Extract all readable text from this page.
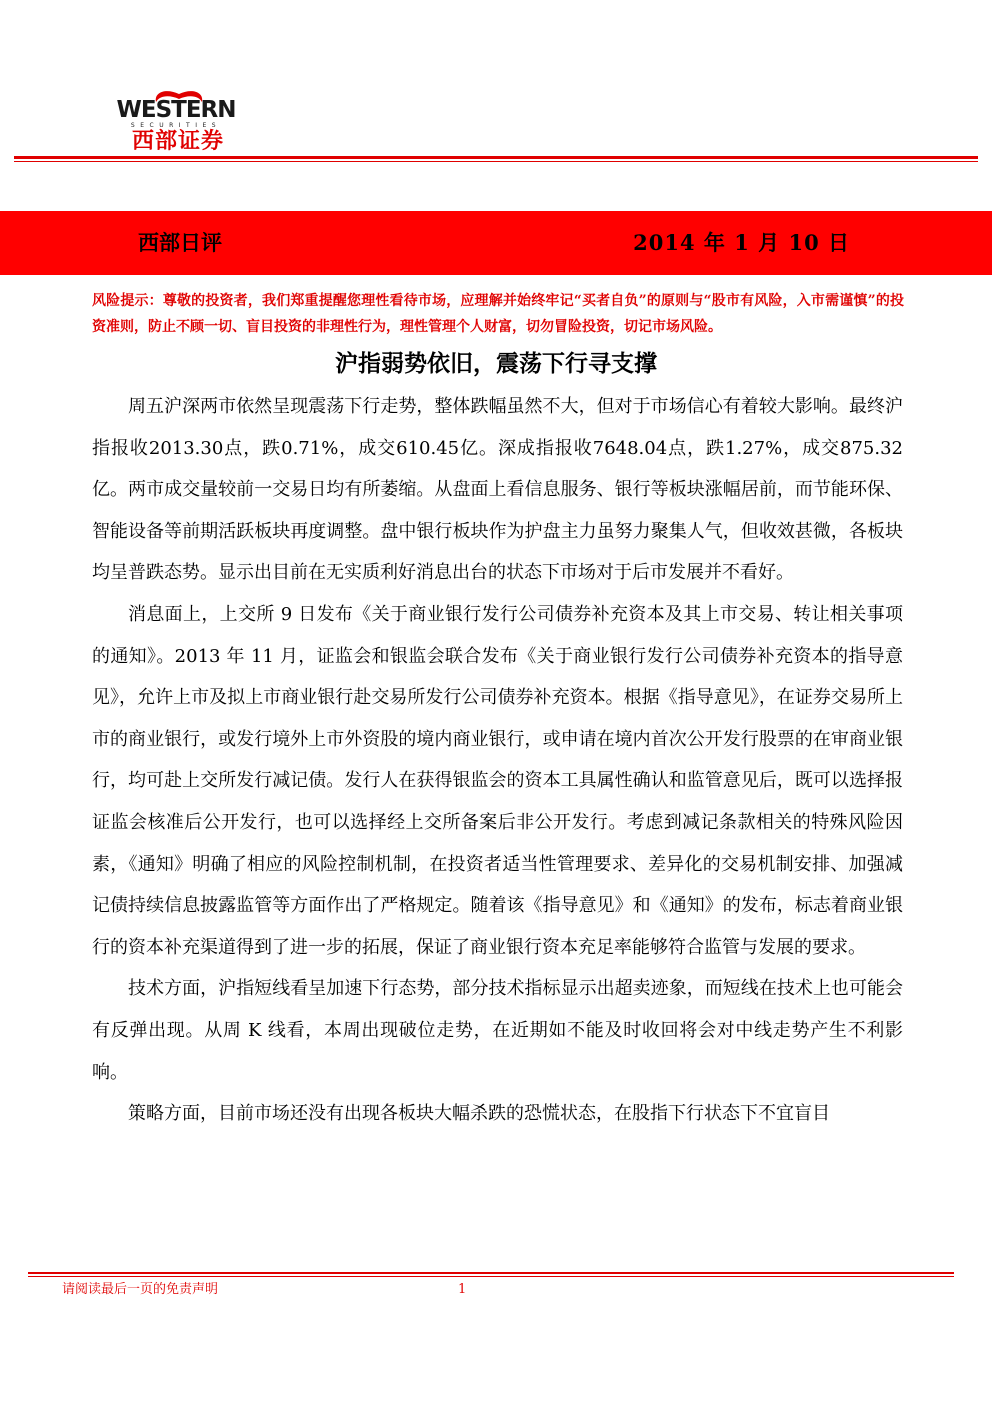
WESTERN
SECURITIES
西部证券
西部日评	2014 年 1 月 10 日
风险提示：尊敬的投资者，我们郑重提醒您理性看待市场，应理解并始终牢记“买者自负”的原则与“股市有风险，入市需谨慎”的投资准则，防止不顾一切、盲目投资的非理性行为，理性管理个人财富，切勿冒险投资，切记市场风险。
沪指弱势依旧，震荡下行寻支撑

周五沪深两市依然呈现震荡下行走势，整体跌幅虽然不大，但对于市场信心有着较大影响。最终沪指报收2013.30点，跌0.71%，成交610.45亿。深成指报收7648.04点，跌1.27%，成交875.32亿。两市成交量较前一交易日均有所萎缩。从盘面上看信息服务、银行等板块涨幅居前，而节能环保、智能设备等前期活跃板块再度调整。盘中银行板块作为护盘主力虽努力聚集人气，但收效甚微，各板块均呈普跌态势。显示出目前在无实质利好消息出台的状态下市场对于后市发展并不看好。

消息面上，上交所 9 日发布《关于商业银行发行公司债券补充资本及其上市交易、转让相关事项的通知》。2013 年 11 月，证监会和银监会联合发布《关于商业银行发行公司债券补充资本的指导意见》，允许上市及拟上市商业银行赴交易所发行公司债券补充资本。根据《指导意见》，在证券交易所上市的商业银行，或发行境外上市外资股的境内商业银行，或申请在境内首次公开发行股票的在审商业银行，均可赴上交所发行减记债。发行人在获得银监会的资本工具属性确认和监管意见后，既可以选择报证监会核准后公开发行，也可以选择经上交所备案后非公开发行。考虑到减记条款相关的特殊风险因素，《通知》明确了相应的风险控制机制，在投资者适当性管理要求、差异化的交易机制安排、加强减记债持续信息披露监管等方面作出了严格规定。随着该《指导意见》和《通知》的发布，标志着商业银行的资本补充渠道得到了进一步的拓展，保证了商业银行资本充足率能够符合监管与发展的要求。

技术方面，沪指短线看呈加速下行态势，部分技术指标显示出超卖迹象，而短线在技术上也可能会有反弹出现。从周 K 线看，本周出现破位走势，在近期如不能及时收回将会对中线走势产生不利影响。

策略方面，目前市场还没有出现各板块大幅杀跌的恐慌状态，在股指下行状态下不宜盲目

请阅读最后一页的免责声明	1
